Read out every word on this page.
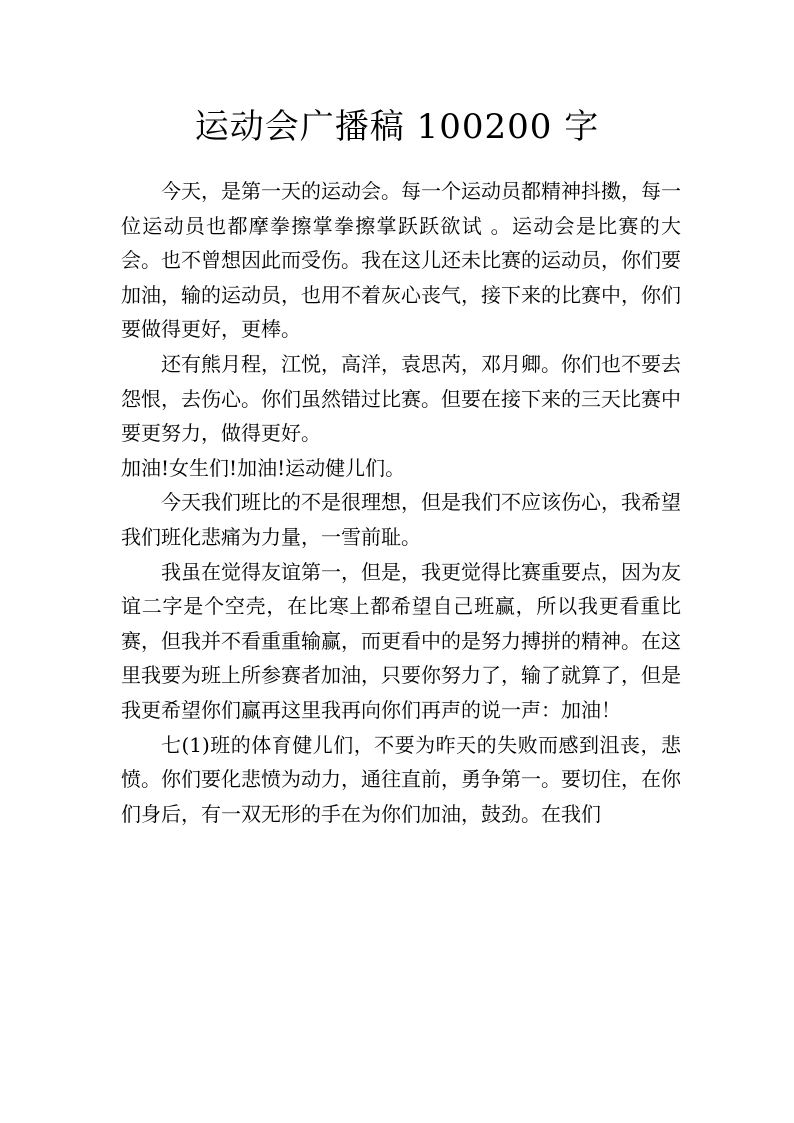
运动会广播稿 100200 字

今天，是第一天的运动会。每一个运动员都精神抖擞，每一位运动员也都摩拳擦掌拳擦掌跃跃欲试 。运动会是比赛的大会。也不曾想因此而受伤。我在这儿还未比赛的运动员，你们要加油，输的运动员，也用不着灰心丧气，接下来的比赛中，你们要做得更好，更棒。

还有熊月程，江悦，高洋，袁思芮，邓月卿。你们也不要去怨恨，去伤心。你们虽然错过比赛。但要在接下来的三天比赛中要更努力，做得更好。

加油!女生们!加油!运动健儿们。

今天我们班比的不是很理想，但是我们不应该伤心，我希望我们班化悲痛为力量，一雪前耻。

我虽在觉得友谊第一，但是，我更觉得比赛重要点，因为友谊二字是个空壳，在比寒上都希望自己班赢，所以我更看重比赛，但我并不看重重输赢，而更看中的是努力搏拼的精神。在这里我要为班上所参赛者加油，只要你努力了，输了就算了，但是我更希望你们赢再这里我再向你们再声的说一声：加油！

七(1)班的体育健儿们，不要为昨天的失败而感到沮丧，悲愤。你们要化悲愤为动力，通往直前，勇争第一。要切住，在你们身后，有一双无形的手在为你们加油，鼓劲。在我们
